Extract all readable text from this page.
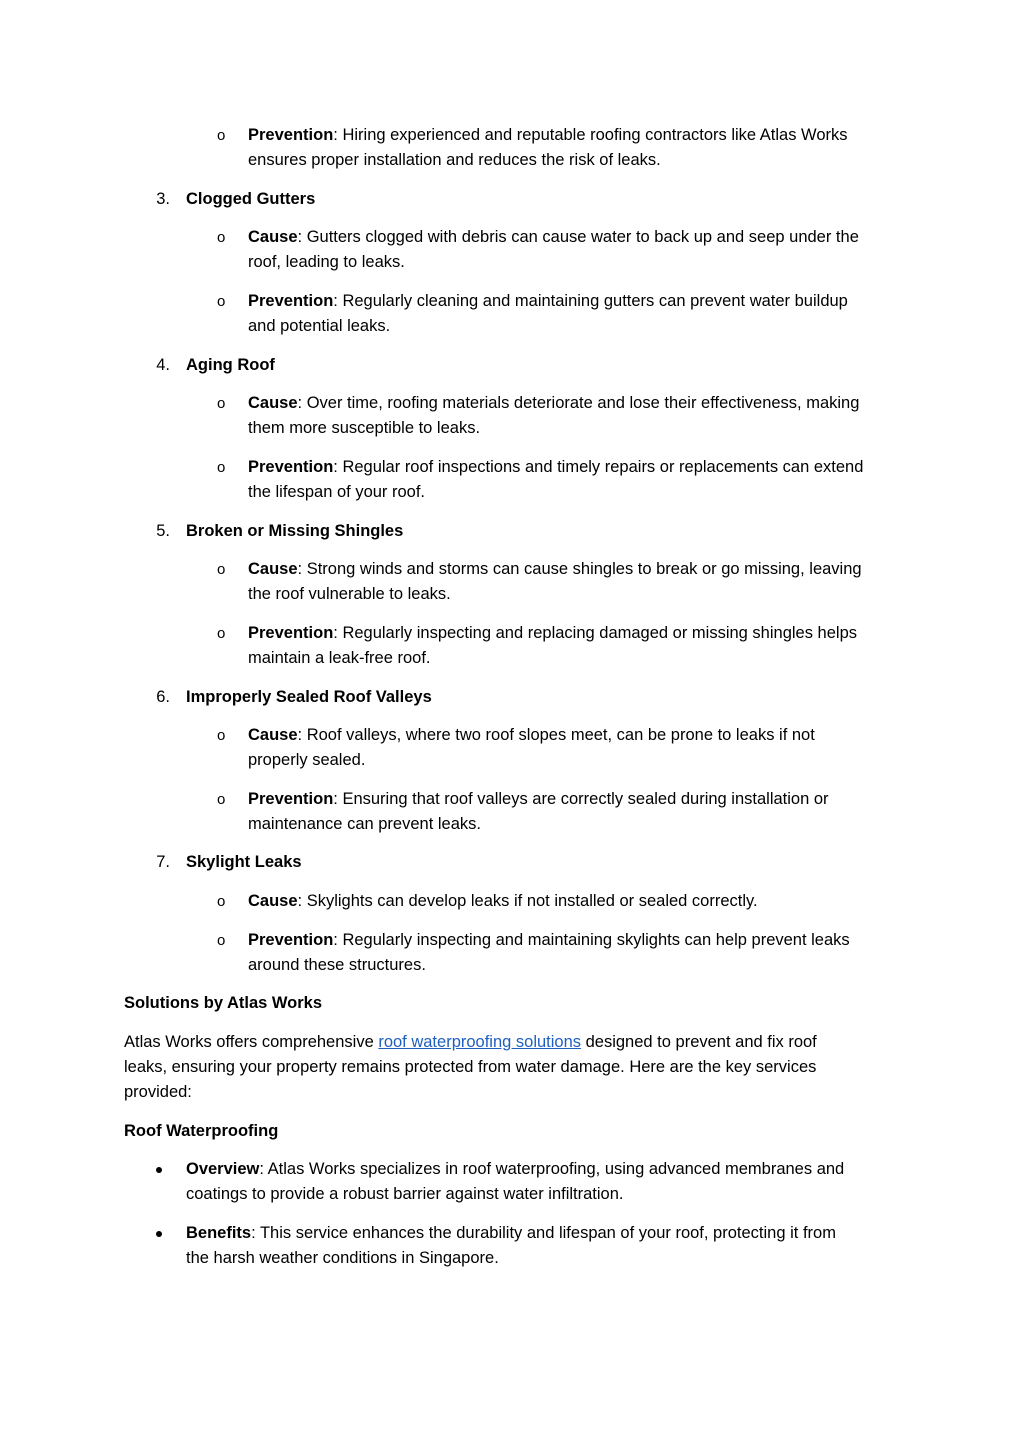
o Prevention: Hiring experienced and reputable roofing contractors like Atlas Works
ensures proper installation and reduces the risk of leaks.
3. Clogged Gutters
o Cause: Gutters clogged with debris can cause water to back up and seep under the
roof, leading to leaks.
o Prevention: Regularly cleaning and maintaining gutters can prevent water buildup
and potential leaks.
4. Aging Roof
o Cause: Over time, roofing materials deteriorate and lose their effectiveness, making
them more susceptible to leaks.
o Prevention: Regular roof inspections and timely repairs or replacements can extend
the lifespan of your roof.
5. Broken or Missing Shingles
o Cause: Strong winds and storms can cause shingles to break or go missing, leaving
the roof vulnerable to leaks.
o Prevention: Regularly inspecting and replacing damaged or missing shingles helps
maintain a leak-free roof.
6. Improperly Sealed Roof Valleys
o Cause: Roof valleys, where two roof slopes meet, can be prone to leaks if not
properly sealed.
o Prevention: Ensuring that roof valleys are correctly sealed during installation or
maintenance can prevent leaks.
7. Skylight Leaks
o Cause: Skylights can develop leaks if not installed or sealed correctly.
o Prevention: Regularly inspecting and maintaining skylights can help prevent leaks
around these structures.
Solutions by Atlas Works
Atlas Works offers comprehensive roof waterproofing solutions designed to prevent and fix roof
leaks, ensuring your property remains protected from water damage. Here are the key services
provided:
Roof Waterproofing
Overview: Atlas Works specializes in roof waterproofing, using advanced membranes and
coatings to provide a robust barrier against water infiltration.
Benefits: This service enhances the durability and lifespan of your roof, protecting it from
the harsh weather conditions in Singapore.
